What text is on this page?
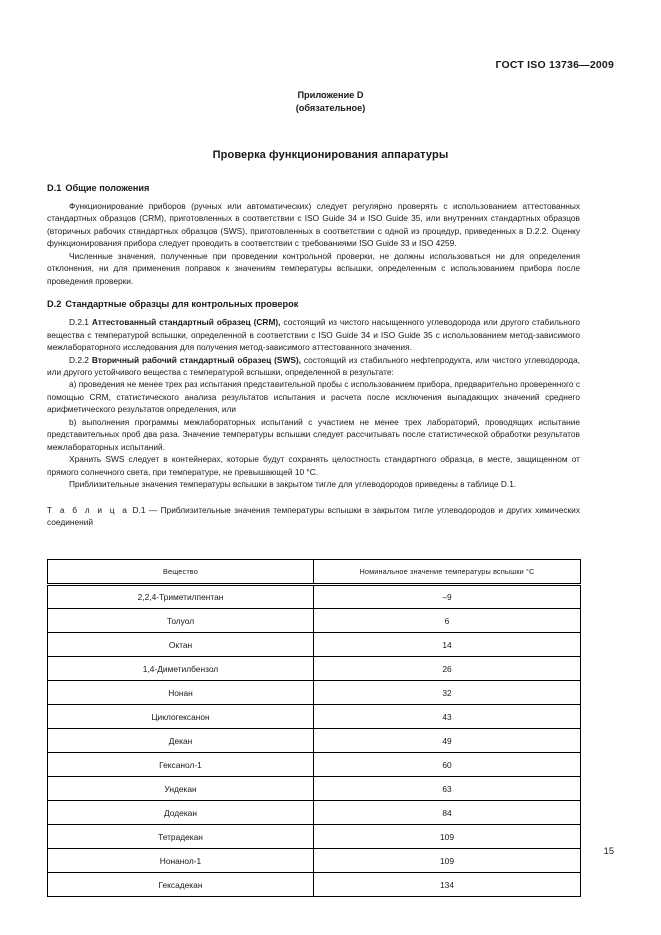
ГОСТ ISO 13736—2009
Приложение D
(обязательное)
Проверка функционирования аппаратуры
D.1 Общие положения

Функционирование приборов (ручных или автоматических) следует регулярно проверять с использованием аттестованных стандартных образцов (CRM), приготовленных в соответствии с ISO Guide 34 и ISO Guide 35, или внутренних стандартных образцов (вторичных рабочих стандартных образцов (SWS), приготовленных в соответствии с одной из процедур, приведенных в D.2.2. Оценку функционирования прибора следует проводить в соответствии с требованиями ISO Guide 33 и ISO 4259.

Численные значения, полученные при проведении контрольной проверки, не должны использоваться ни для определения отклонения, ни для применения поправок к значениям температуры вспышки, определенным с использованием прибора после проведения проверки.

D.2 Стандартные образцы для контрольных проверок

D.2.1 Аттестованный стандартный образец (CRM), состоящий из чистого насыщенного углеводорода или другого стабильного вещества с температурой вспышки, определенной в соответствии с ISO Guide 34 и ISO Guide 35 с использованием метод-зависимого межлабораторного исследования для получения метод-зависимого аттестованного значения.

D.2.2 Вторичный рабочий стандартный образец (SWS), состоящий из стабильного нефтепродукта, или чистого углеводорода, или другого устойчивого вещества с температурой вспышки, определенной в результате:

a) проведения не менее трех раз испытания представительной пробы с использованием прибора, предварительно проверенного с помощью CRM, статистического анализа результатов испытания и расчета после исключения выпадающих значений среднего арифметического результатов определения, или

b) выполнения программы межлабораторных испытаний с участием не менее трех лабораторий, проводящих испытание представительных проб два раза. Значение температуры вспышки следует рассчитывать после статистической обработки результатов межлабораторных испытаний.

Хранить SWS следует в контейнерах, которые будут сохранять целостность стандартного образца, в месте, защищенном от прямого солнечного света, при температуре, не превышающей 10 °С.

Приблизительные значения температуры вспышки в закрытом тигле для углеводородов приведены в таблице D.1.

Т а б л и ц а D.1 — Приблизительные значения температуры вспышки в закрытом тигле углеводородов и других химических соединений

Вещество	Номинальное значение температуры вспышки °С
2,2,4-Триметилпентан	–9
Толуол	6
Октан	14
1,4-Диметилбензол	26
Нонан	32
Циклогексанон	43
Декан	49
Гексанол-1	60
Ундекан	63
Додекан	84
Тетрадекан	109
Нонанол-1	109
Гексадекан	134
15
